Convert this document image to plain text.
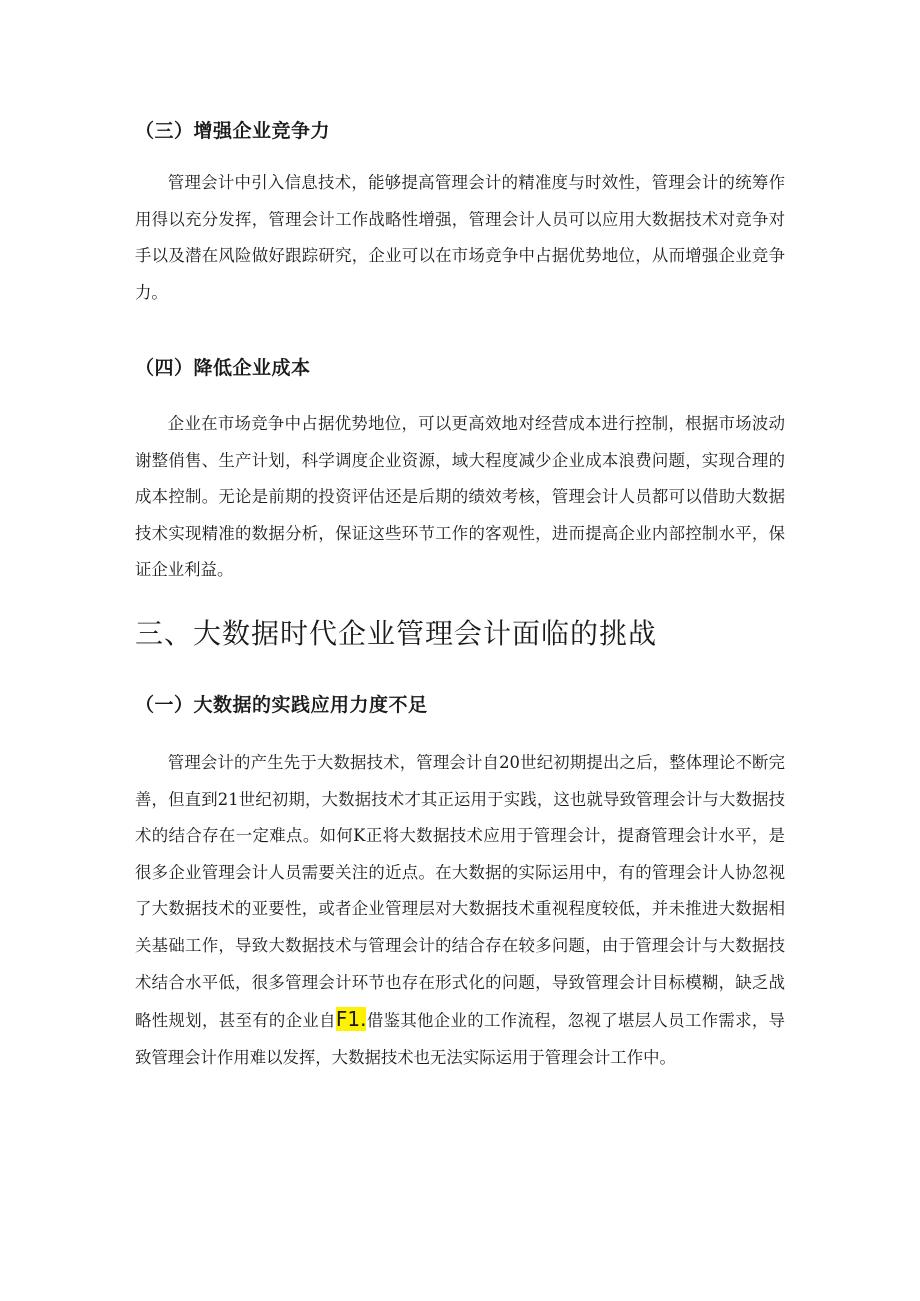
（三）增强企业竞争力

管理会计中引入信息技术，能够提高管理会计的精准度与时效性，管理会计的统筹作用得以充分发挥，管理会计工作战略性增强，管理会计人员可以应用大数据技术对竞争对手以及潜在风险做好跟踪研究，企业可以在市场竞争中占据优势地位，从而增强企业竞争力。

（四）降低企业成本

企业在市场竞争中占据优势地位，可以更高效地对经营成本进行控制，根据市场波动谢整俏售、生产计划，科学调度企业资源，域大程度减少企业成本浪费问题，实现合理的成本控制。无论是前期的投资评估还是后期的绩效考核，管理会计人员都可以借助大数据技术实现精准的数据分析，保证这些环节工作的客观性，进而提高企业内部控制水平，保证企业利益。

三、大数据时代企业管理会计面临的挑战
（一）大数据的实践应用力度不足

管理会计的产生先于大数据技术，管理会计自20世纪初期提出之后，整体理论不断完善，但直到21世纪初期，大数据技术才其正运用于实践，这也就导致管理会计与大数据技术的结合存在一定难点。如何K正将大数据技术应用于管理会计，提裔管理会计水平，是很多企业管理会计人员需要关注的近点。在大数据的实际运用中，有的管理会计人协忽视了大数据技术的亚要性，或者企业管理层对大数据技术重视程度较低，并未推进大数据相关基础工作，导致大数据技术与管理会计的结合存在较多问题，由于管理会计与大数据技术结合水平低，很多管理会计环节也存在形式化的问题，导致管理会计目标模糊，缺乏战略性规划，甚至有的企业自F1.借鉴其他企业的工作流程，忽视了堪层人员工作需求，导致管理会计作用难以发挥，大数据技术也无法实际运用于管理会计工作中。
